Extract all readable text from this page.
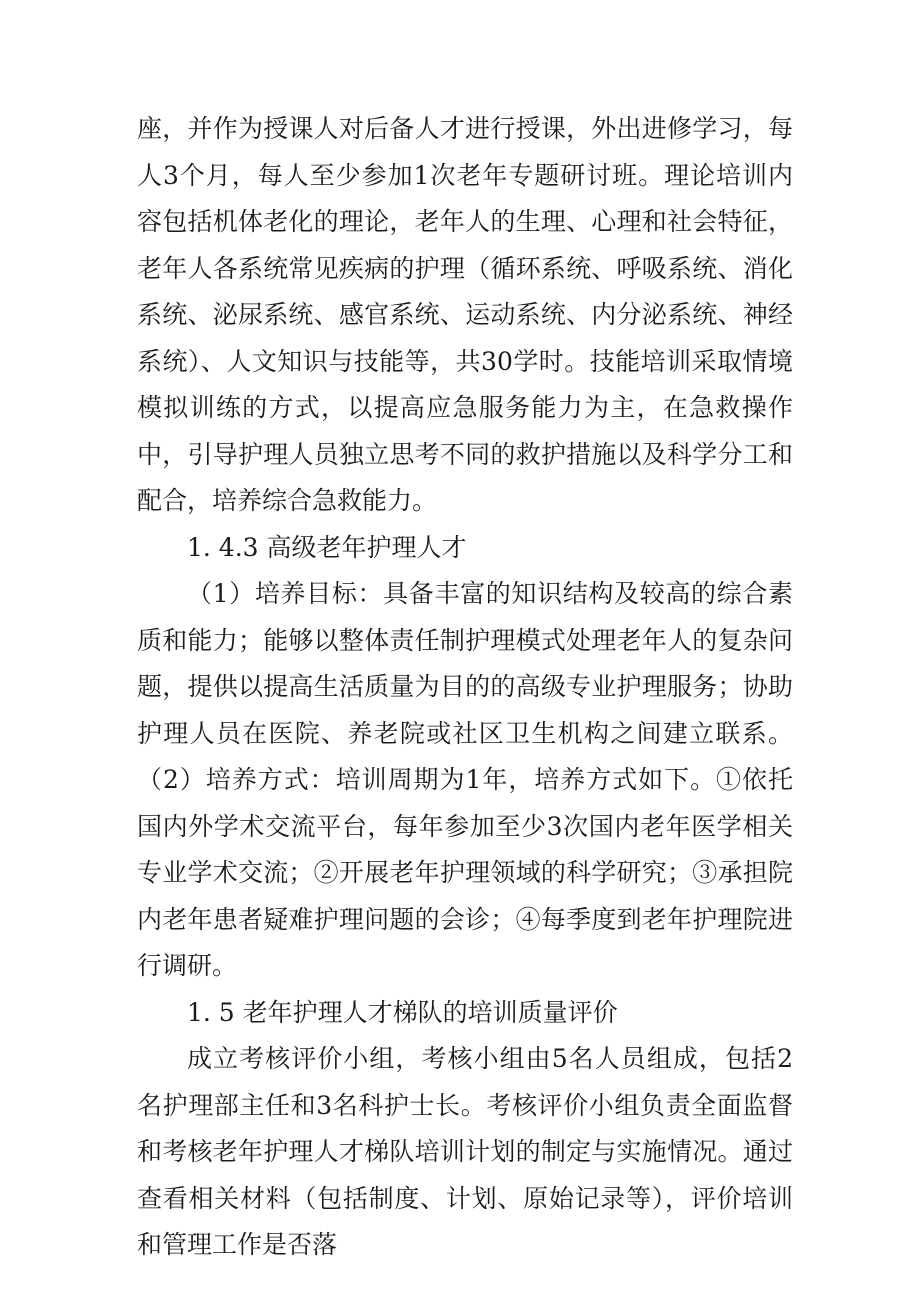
座，并作为授课人对后备人才进行授课，外出进修学习，每人3个月，每人至少参加1次老年专题研讨班。理论培训内容包括机体老化的理论，老年人的生理、心理和社会特征，老年人各系统常见疾病的护理（循环系统、呼吸系统、消化系统、泌尿系统、感官系统、运动系统、内分泌系统、神经系统）、人文知识与技能等，共30学时。技能培训采取情境模拟训练的方式，以提高应急服务能力为主，在急救操作中，引导护理人员独立思考不同的救护措施以及科学分工和配合，培养综合急救能力。

1. 4.3 高级老年护理人才

（1）培养目标：具备丰富的知识结构及较高的综合素质和能力；能够以整体责任制护理模式处理老年人的复杂问题，提供以提高生活质量为目的的高级专业护理服务；协助护理人员在医院、养老院或社区卫生机构之间建立联系。（2）培养方式：培训周期为1年，培养方式如下。①依托国内外学术交流平台，每年参加至少3次国内老年医学相关专业学术交流；②开展老年护理领域的科学研究；③承担院内老年患者疑难护理问题的会诊；④每季度到老年护理院进行调研。

1. 5 老年护理人才梯队的培训质量评价

成立考核评价小组，考核小组由5名人员组成，包括2名护理部主任和3名科护士长。考核评价小组负责全面监督和考核老年护理人才梯队培训计划的制定与实施情况。通过查看相关材料（包括制度、计划、原始记录等），评价培训和管理工作是否落
